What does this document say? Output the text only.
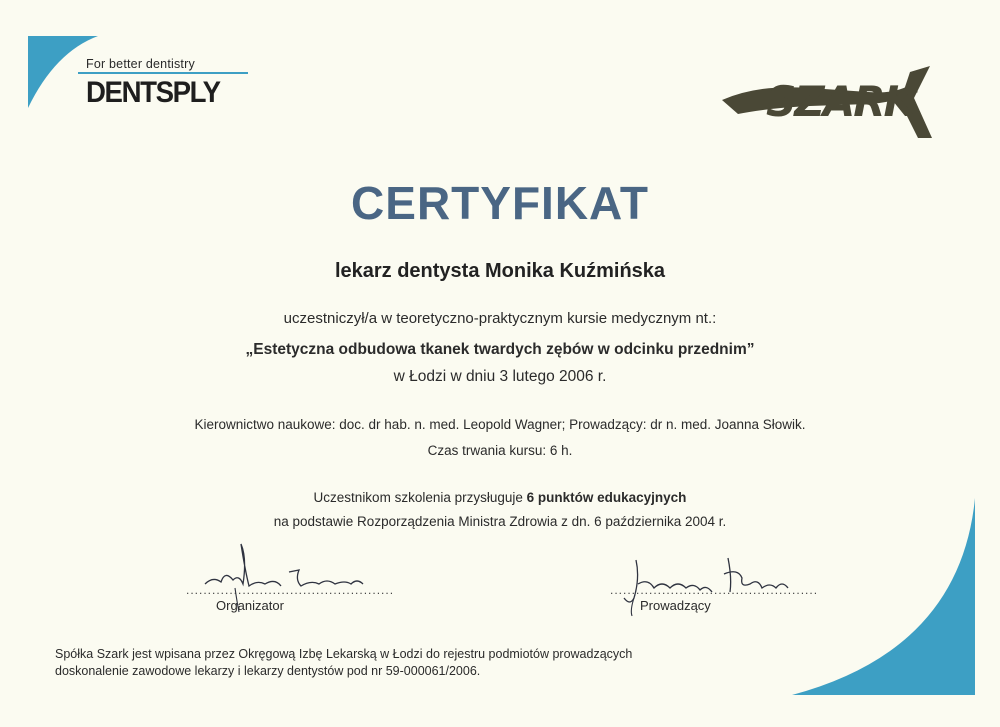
For better dentistry
DENTSPLY	SZARK
CERTYFIKAT
lekarz dentysta Monika Kuźmińska
uczestniczył/a w teoretyczno-praktycznym kursie medycznym nt.:
„Estetyczna odbudowa tkanek twardych zębów w odcinku przednim”
w Łodzi w dniu 3 lutego 2006 r.
Kierownictwo naukowe: doc. dr hab. n. med. Leopold Wagner; Prowadzący: dr n. med. Joanna Słowik.
Czas trwania kursu: 6 h.
Uczestnikom szkolenia przysługuje 6 punktów edukacyjnych
na podstawie Rozporządzenia Ministra Zdrowia z dn. 6 października 2004 r.
................................................
Organizator
................................................
Prowadzący
Spółka Szark jest wpisana przez Okręgową Izbę Lekarską w Łodzi do rejestru podmiotów prowadzących
doskonalenie zawodowe lekarzy i lekarzy dentystów pod nr 59-000061/2006.
